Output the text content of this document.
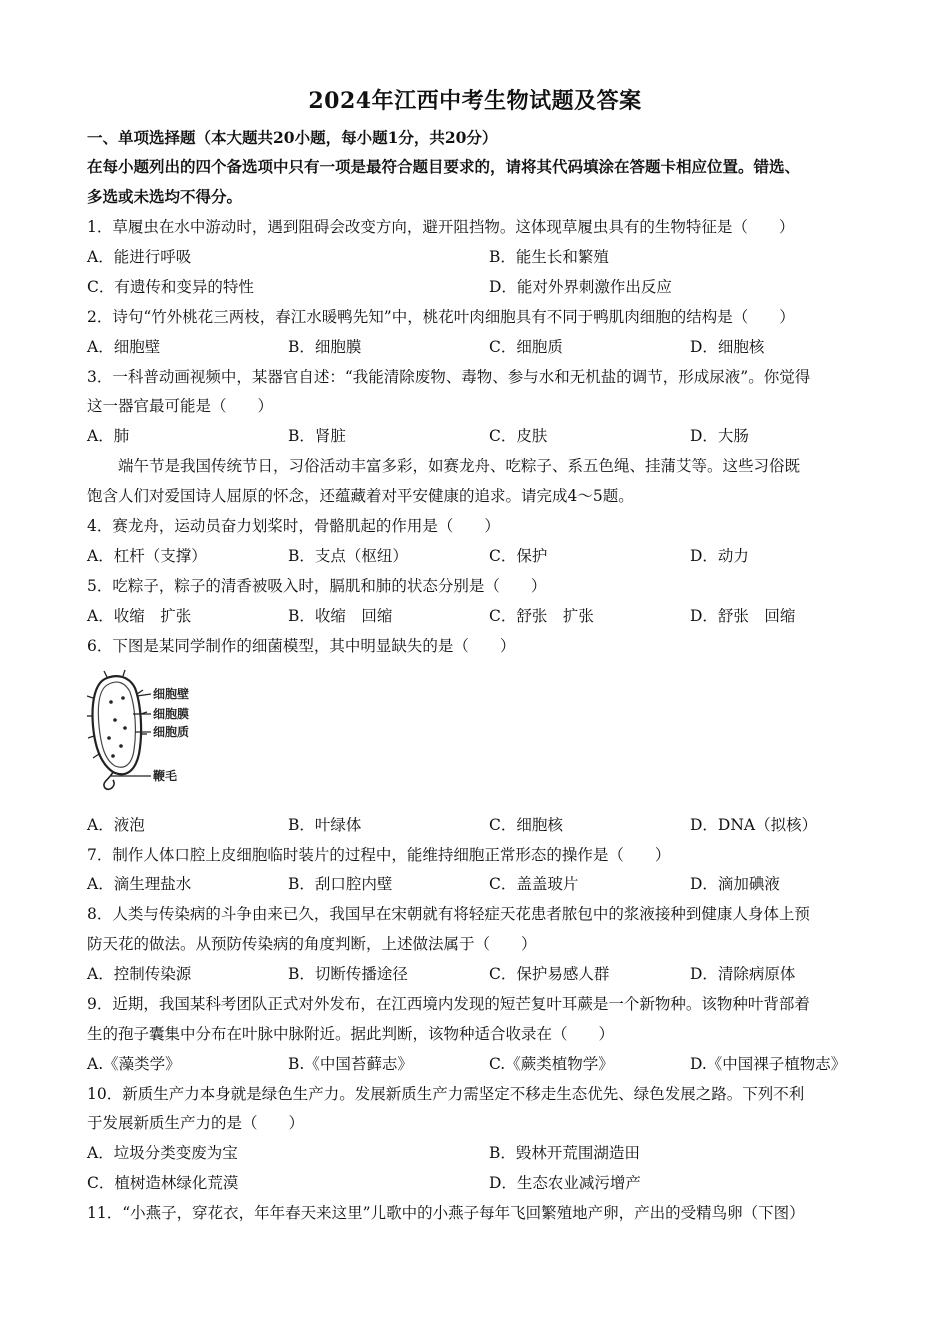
2024年江西中考生物试题及答案
一、单项选择题（本大题共20小题，每小题1分，共20分）
在每小题列出的四个备选项中只有一项是最符合题目要求的，请将其代码填涂在答题卡相应位置。错选、
多选或未选均不得分。
1．草履虫在水中游动时，遇到阻碍会改变方向，避开阻挡物。这体现草履虫具有的生物特征是（　　）
A．能进行呼吸	B．能生长和繁殖
C．有遗传和变异的特性	D．能对外界刺激作出反应
2．诗句“竹外桃花三两枝，春江水暖鸭先知”中，桃花叶肉细胞具有不同于鸭肌肉细胞的结构是（　　）
A．细胞壁	B．细胞膜	C．细胞质	D．细胞核
3．一科普动画视频中，某器官自述：“我能清除废物、毒物、参与水和无机盐的调节，形成尿液”。你觉得
这一器官最可能是（　　）
A．肺	B．肾脏	C．皮肤	D．大肠
端午节是我国传统节日，习俗活动丰富多彩，如赛龙舟、吃粽子、系五色绳、挂蒲艾等。这些习俗既
饱含人们对爱国诗人屈原的怀念，还蕴藏着对平安健康的追求。请完成4～5题。
4．赛龙舟，运动员奋力划桨时，骨骼肌起的作用是（　　）
A．杠杆（支撑）	B．支点（枢纽）	C．保护	D．动力
5．吃粽子，粽子的清香被吸入时，膈肌和肺的状态分别是（　　）
A．收缩　扩张	B．收缩　回缩	C．舒张　扩张	D．舒张　回缩
6．下图是某同学制作的细菌模型，其中明显缺失的是（　　）
细胞壁
细胞膜
细胞质
鞭毛
A．液泡	B．叶绿体	C．细胞核	D．DNA（拟核）
7．制作人体口腔上皮细胞临时装片的过程中，能维持细胞正常形态的操作是（　　）
A．滴生理盐水	B．刮口腔内壁	C．盖盖玻片	D．滴加碘液
8．人类与传染病的斗争由来已久，我国早在宋朝就有将轻症天花患者脓包中的浆液接种到健康人身体上预
防天花的做法。从预防传染病的角度判断，上述做法属于（　　）
A．控制传染源	B．切断传播途径	C．保护易感人群	D．清除病原体
9．近期，我国某科考团队正式对外发布，在江西境内发现的短芒复叶耳蕨是一个新物种。该物种叶背部着
生的孢子囊集中分布在叶脉中脉附近。据此判断，该物种适合收录在（　　）
A.《藻类学》	B.《中国苔藓志》	C.《蕨类植物学》	D.《中国裸子植物志》
10．新质生产力本身就是绿色生产力。发展新质生产力需坚定不移走生态优先、绿色发展之路。下列不利
于发展新质生产力的是（　　）
A．垃圾分类变废为宝	B．毁林开荒围湖造田
C．植树造林绿化荒漠	D．生态农业减污增产
11．“小燕子，穿花衣，年年春天来这里”儿歌中的小燕子每年飞回繁殖地产卵，产出的受精鸟卵（下图）
